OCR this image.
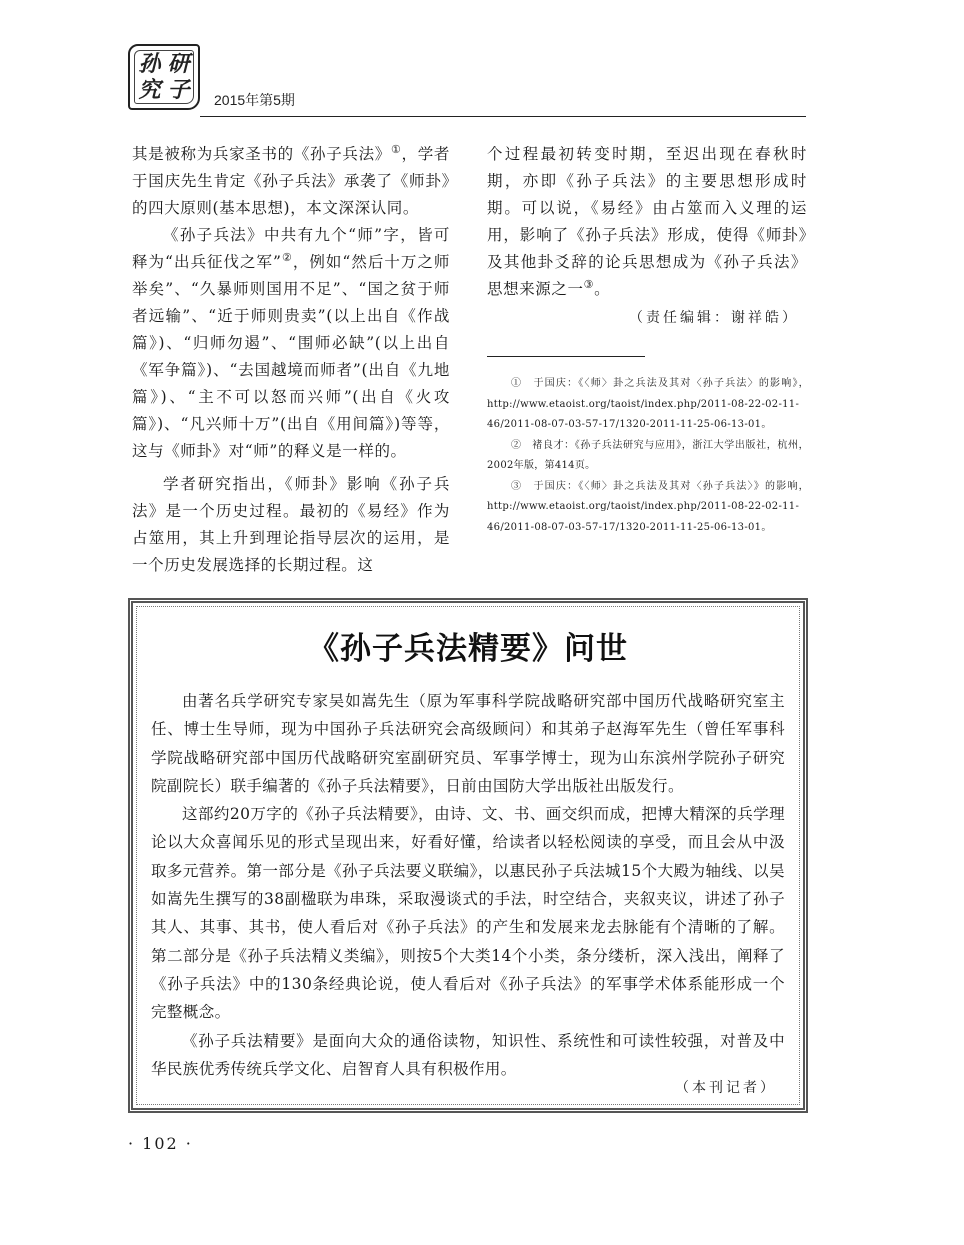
孙 研
究 子 2015年第5期

其是被称为兵家圣书的《孙子兵法》①，学者于国庆先生肯定《孙子兵法》承袭了《师卦》的四大原则(基本思想)，本文深深认同。

《孙子兵法》中共有九个“师”字，皆可释为“出兵征伐之军”②，例如“然后十万之师举矣”、“久暴师则国用不足”、“国之贫于师者远输”、“近于师则贵卖”(以上出自《作战篇》)、“归师勿遏”、“围师必缺”(以上出自《军争篇》)、“去国越境而师者”(出自《九地篇》)、“主不可以怒而兴师”(出自《火攻篇》)、“凡兴师十万”(出自《用间篇》)等等，这与《师卦》对“师”的释义是一样的。

学者研究指出，《师卦》影响《孙子兵法》是一个历史过程。最初的《易经》作为占筮用，其上升到理论指导层次的运用，是一个历史发展选择的长期过程。这

个过程最初转变时期，至迟出现在春秋时期，亦即《孙子兵法》的主要思想形成时期。可以说，《易经》由占筮而入义理的运用，影响了《孙子兵法》形成，使得《师卦》及其他卦爻辞的论兵思想成为《孙子兵法》思想来源之一③。

（责任编辑：谢祥皓）

①　 于国庆：《〈师〉卦之兵法及其对〈孙子兵法〉的影响》，http://www.etaoist.org/taoist/index.php/2011-08-22-02-11-46/2011-08-07-03-57-17/1320-2011-11-25-06-13-01。

②　 褚良才：《孙子兵法研究与应用》，浙江大学出版社，杭州，2002年版，第414页。

③　 于国庆：《〈师〉卦之兵法及其对〈孙子兵法〉》的影响，http://www.etaoist.org/taoist/index.php/2011-08-22-02-11-46/2011-08-07-03-57-17/1320-2011-11-25-06-13-01。

《孙子兵法精要》问世

由著名兵学研究专家吴如嵩先生（原为军事科学院战略研究部中国历代战略研究室主任、博士生导师，现为中国孙子兵法研究会高级顾问）和其弟子赵海军先生（曾任军事科学院战略研究部中国历代战略研究室副研究员、军事学博士，现为山东滨州学院孙子研究院副院长）联手编著的《孙子兵法精要》，日前由国防大学出版社出版发行。

这部约20万字的《孙子兵法精要》，由诗、文、书、画交织而成，把博大精深的兵学理论以大众喜闻乐见的形式呈现出来，好看好懂，给读者以轻松阅读的享受，而且会从中汲取多元营养。第一部分是《孙子兵法要义联编》，以惠民孙子兵法城15个大殿为轴线、以吴如嵩先生撰写的38副楹联为串珠，采取漫谈式的手法，时空结合，夹叙夹议，讲述了孙子其人、其事、其书，使人看后对《孙子兵法》的产生和发展来龙去脉能有个清晰的了解。第二部分是《孙子兵法精义类编》，则按5个大类14个小类，条分缕析，深入浅出，阐释了《孙子兵法》中的130条经典论说，使人看后对《孙子兵法》的军事学术体系能形成一个完整概念。

《孙子兵法精要》是面向大众的通俗读物，知识性、系统性和可读性较强，对普及中华民族优秀传统兵学文化、启智育人具有积极作用。

（本刊记者）
· 102 ·
